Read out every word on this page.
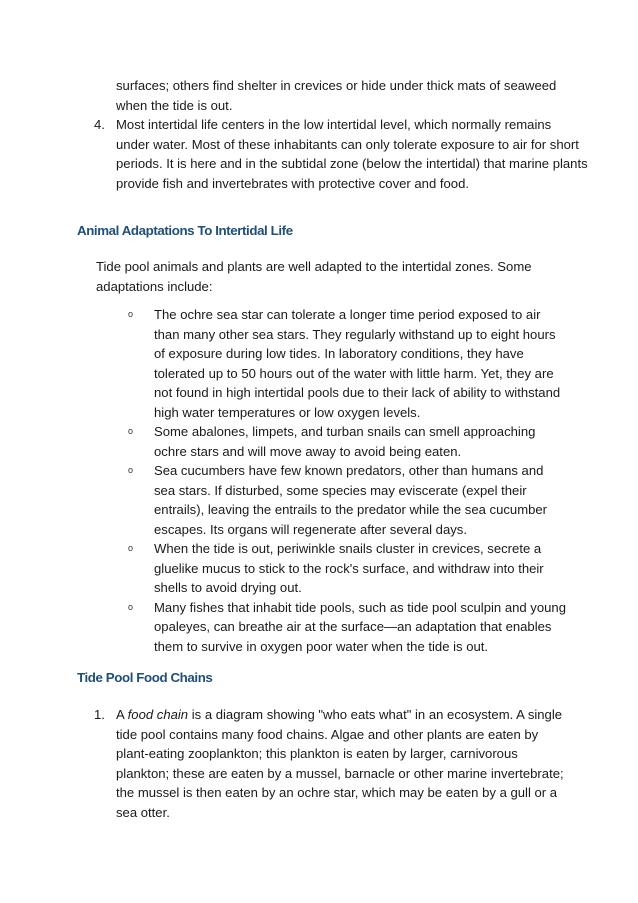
surfaces; others find shelter in crevices or hide under thick mats of seaweed when the tide is out.

4. Most intertidal life centers in the low intertidal level, which normally remains under water. Most of these inhabitants can only tolerate exposure to air for short periods. It is here and in the subtidal zone (below the intertidal) that marine plants provide fish and invertebrates with protective cover and food.

Animal Adaptations To Intertidal Life

Tide pool animals and plants are well adapted to the intertidal zones. Some adaptations include:

o The ochre sea star can tolerate a longer time period exposed to air than many other sea stars. They regularly withstand up to eight hours of exposure during low tides. In laboratory conditions, they have tolerated up to 50 hours out of the water with little harm. Yet, they are not found in high intertidal pools due to their lack of ability to withstand high water temperatures or low oxygen levels.
o Some abalones, limpets, and turban snails can smell approaching ochre stars and will move away to avoid being eaten.
o Sea cucumbers have few known predators, other than humans and sea stars. If disturbed, some species may eviscerate (expel their entrails), leaving the entrails to the predator while the sea cucumber escapes. Its organs will regenerate after several days.
o When the tide is out, periwinkle snails cluster in crevices, secrete a gluelike mucus to stick to the rock's surface, and withdraw into their shells to avoid drying out.
o Many fishes that inhabit tide pools, such as tide pool sculpin and young opaleyes, can breathe air at the surface—an adaptation that enables them to survive in oxygen poor water when the tide is out.
Tide Pool Food Chains
1. A food chain is a diagram showing "who eats what" in an ecosystem. A single tide pool contains many food chains. Algae and other plants are eaten by plant-eating zooplankton; this plankton is eaten by larger, carnivorous plankton; these are eaten by a mussel, barnacle or other marine invertebrate; the mussel is then eaten by an ochre star, which may be eaten by a gull or a sea otter.
